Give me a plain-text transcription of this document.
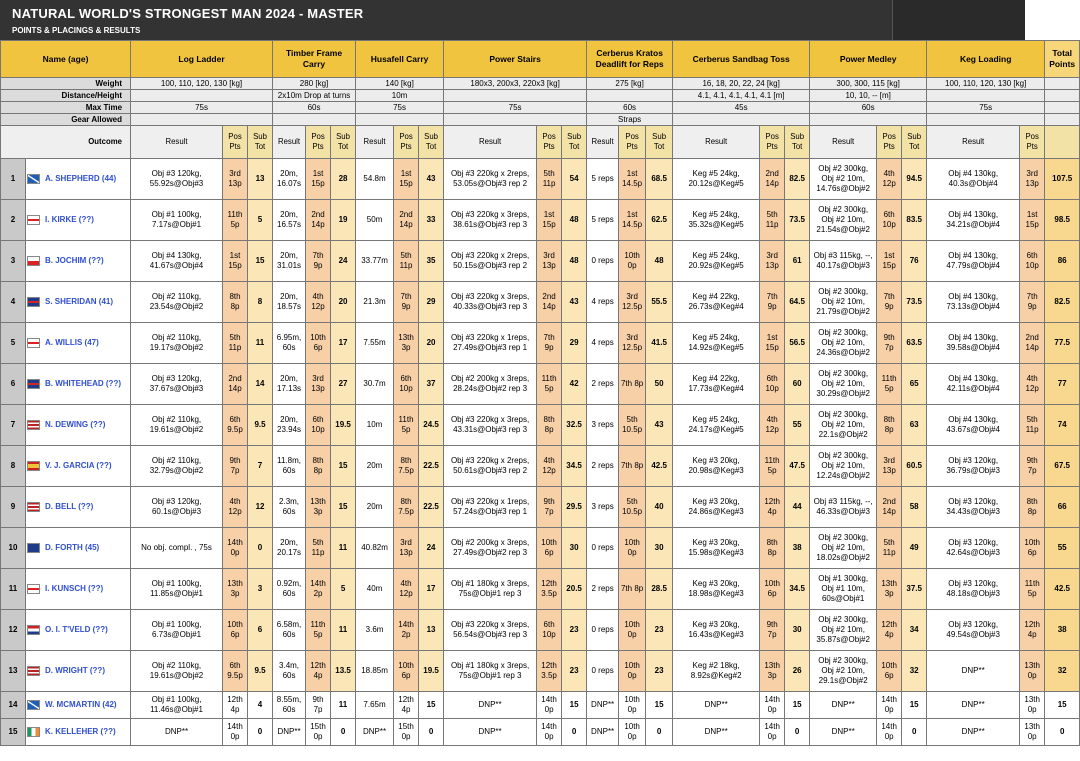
NATURAL WORLD'S STRONGEST MAN 2024 - MASTER
POINTS & PLACINGS & RESULTS
Name (age)		Log Ladder			Timber Frame Carry			Husafell Carry			Power Stairs			Cerberus Kratos Deadlift for Reps			Cerberus Sandbag Toss			Power Medley			Keg Loading		Total Points
Weight		100, 110, 120, 130 [kg]			280 [kg]			140 [kg]			180x3, 200x3, 220x3 [kg]			275 [kg]			16, 18, 20, 22, 24 [kg]			300, 300, 115 [kg]			100, 110, 120, 130 [kg]		
Distance/Height					2x10m Drop at turns			10m									4.1, 4.1, 4.1, 4.1, 4.1 [m]			10, 10, -- [m]					
Max Time		75s			60s			75s			75s			60s			45s			60s			75s		
Gear Allowed														Straps											
Outcome		Result	Pos Pts	Sub Tot	Result	Pos Pts	Sub Tot	Result	Pos Pts	Sub Tot	Result	Pos Pts	Sub Tot	Result	Pos Pts	Sub Tot	Result	Pos Pts	Sub Tot	Result	Pos Pts	Sub Tot	Result	Pos Pts	
1	A. SHEPHERD (44)	Obj #3 120kg, 55.92s@Obj#3	3rd 13p	13	20m, 16.07s	1st 15p	28	54.8m	1st 15p	43	Obj #3 220kg x 2reps, 53.05s@Obj#3 rep 2	5th 11p	54	5 reps	1st 14.5p	68.5	Keg #5 24kg, 20.12s@Keg#5	2nd 14p	82.5	Obj #2 300kg, Obj #2 10m, 14.76s@Obj#2	4th 12p	94.5	Obj #4 130kg, 40.3s@Obj#4	3rd 13p	107.5
2	I. KIRKE (??)	Obj #1 100kg, 7.17s@Obj#1	11th 5p	5	20m, 16.57s	2nd 14p	19	50m	2nd 14p	33	Obj #3 220kg x 3reps, 38.61s@Obj#3 rep 3	1st 15p	48	5 reps	1st 14.5p	62.5	Keg #5 24kg, 35.32s@Keg#5	5th 11p	73.5	Obj #2 300kg, Obj #2 10m, 21.54s@Obj#2	6th 10p	83.5	Obj #4 130kg, 34.21s@Obj#4	1st 15p	98.5
3	B. JOCHIM (??)	Obj #4 130kg, 41.67s@Obj#4	1st 15p	15	20m, 31.01s	7th 9p	24	33.77m	5th 11p	35	Obj #3 220kg x 2reps, 50.15s@Obj#3 rep 2	3rd 13p	48	0 reps	10th 0p	48	Keg #5 24kg, 20.92s@Keg#5	3rd 13p	61	Obj #3 115kg, --, 40.17s@Obj#3	1st 15p	76	Obj #4 130kg, 47.79s@Obj#4	6th 10p	86
4	S. SHERIDAN (41)	Obj #2 110kg, 23.54s@Obj#2	8th 8p	8	20m, 18.57s	4th 12p	20	21.3m	7th 9p	29	Obj #3 220kg x 3reps, 40.33s@Obj#3 rep 3	2nd 14p	43	4 reps	3rd 12.5p	55.5	Keg #4 22kg, 26.73s@Keg#4	7th 9p	64.5	Obj #2 300kg, Obj #2 10m, 21.79s@Obj#2	7th 9p	73.5	Obj #4 130kg, 73.13s@Obj#4	7th 9p	82.5
5	A. WILLIS (47)	Obj #2 110kg, 19.17s@Obj#2	5th 11p	11	6.95m, 60s	10th 6p	17	7.55m	13th 3p	20	Obj #3 220kg x 1reps, 27.49s@Obj#3 rep 1	7th 9p	29	4 reps	3rd 12.5p	41.5	Keg #5 24kg, 14.92s@Keg#5	1st 15p	56.5	Obj #2 300kg, Obj #2 10m, 24.36s@Obj#2	9th 7p	63.5	Obj #4 130kg, 39.58s@Obj#4	2nd 14p	77.5
6	B. WHITEHEAD (??)	Obj #3 120kg, 37.67s@Obj#3	2nd 14p	14	20m, 17.13s	3rd 13p	27	30.7m	6th 10p	37	Obj #2 200kg x 3reps, 28.24s@Obj#2 rep 3	11th 5p	42	2 reps	7th 8p	50	Keg #4 22kg, 17.73s@Keg#4	6th 10p	60	Obj #2 300kg, Obj #2 10m, 30.29s@Obj#2	11th 5p	65	Obj #4 130kg, 42.11s@Obj#4	4th 12p	77
7	N. DEWING (??)	Obj #2 110kg, 19.61s@Obj#2	6th 9.5p	9.5	20m, 23.94s	6th 10p	19.5	10m	11th 5p	24.5	Obj #3 220kg x 3reps, 43.31s@Obj#3 rep 3	8th 8p	32.5	3 reps	5th 10.5p	43	Keg #5 24kg, 24.17s@Keg#5	4th 12p	55	Obj #2 300kg, Obj #2 10m, 22.1s@Obj#2	8th 8p	63	Obj #4 130kg, 43.67s@Obj#4	5th 11p	74
8	V. J. GARCIA (??)	Obj #2 110kg, 32.79s@Obj#2	9th 7p	7	11.8m, 60s	8th 8p	15	20m	8th 7.5p	22.5	Obj #3 220kg x 2reps, 50.61s@Obj#3 rep 2	4th 12p	34.5	2 reps	7th 8p	42.5	Keg #3 20kg, 20.98s@Keg#3	11th 5p	47.5	Obj #2 300kg, Obj #2 10m, 12.24s@Obj#2	3rd 13p	60.5	Obj #3 120kg, 36.79s@Obj#3	9th 7p	67.5
9	D. BELL (??)	Obj #3 120kg, 60.1s@Obj#3	4th 12p	12	2.3m, 60s	13th 3p	15	20m	8th 7.5p	22.5	Obj #3 220kg x 1reps, 57.24s@Obj#3 rep 1	9th 7p	29.5	3 reps	5th 10.5p	40	Keg #3 20kg, 24.86s@Keg#3	12th 4p	44	Obj #3 115kg, --, 46.33s@Obj#3	2nd 14p	58	Obj #3 120kg, 34.43s@Obj#3	8th 8p	66
10	D. FORTH (45)	No obj. compl. , 75s	14th 0p	0	20m, 20.17s	5th 11p	11	40.82m	3rd 13p	24	Obj #2 200kg x 3reps, 27.49s@Obj#2 rep 3	10th 6p	30	0 reps	10th 0p	30	Keg #3 20kg, 15.98s@Keg#3	8th 8p	38	Obj #2 300kg, Obj #2 10m, 18.02s@Obj#2	5th 11p	49	Obj #3 120kg, 42.64s@Obj#3	10th 6p	55
11	I. KUNSCH (??)	Obj #1 100kg, 11.85s@Obj#1	13th 3p	3	0.92m, 60s	14th 2p	5	40m	4th 12p	17	Obj #1 180kg x 3reps, 75s@Obj#1 rep 3	12th 3.5p	20.5	2 reps	7th 8p	28.5	Keg #3 20kg, 18.98s@Keg#3	10th 6p	34.5	Obj #1 300kg, Obj #1 10m, 60s@Obj#1	13th 3p	37.5	Obj #3 120kg, 48.18s@Obj#3	11th 5p	42.5
12	O. I. T'VELD (??)	Obj #1 100kg, 6.73s@Obj#1	10th 6p	6	6.58m, 60s	11th 5p	11	3.6m	14th 2p	13	Obj #3 220kg x 3reps, 56.54s@Obj#3 rep 3	6th 10p	23	0 reps	10th 0p	23	Keg #3 20kg, 16.43s@Keg#3	9th 7p	30	Obj #2 300kg, Obj #2 10m, 35.87s@Obj#2	12th 4p	34	Obj #3 120kg, 49.54s@Obj#3	12th 4p	38
13	D. WRIGHT (??)	Obj #2 110kg, 19.61s@Obj#2	6th 9.5p	9.5	3.4m, 60s	12th 4p	13.5	18.85m	10th 6p	19.5	Obj #1 180kg x 3reps, 75s@Obj#1 rep 3	12th 3.5p	23	0 reps	10th 0p	23	Keg #2 18kg, 8.92s@Keg#2	13th 3p	26	Obj #2 300kg, Obj #2 10m, 29.1s@Obj#2	10th 6p	32	DNP**	13th 0p	32
14	W. MCMARTIN (42)	Obj #1 100kg, 11.46s@Obj#1	12th 4p	4	8.55m, 60s	9th 7p	11	7.65m	12th 4p	15	DNP**	14th 0p	15	DNP**	10th 0p	15	DNP**	14th 0p	15	DNP**	14th 0p	15	DNP**	13th 0p	15
15	K. KELLEHER (??)	DNP**	14th 0p	0	DNP**	15th 0p	0	DNP**	15th 0p	0	DNP**	14th 0p	0	DNP**	10th 0p	0	DNP**	14th 0p	0	DNP**	14th 0p	0	DNP**	13th 0p	0
